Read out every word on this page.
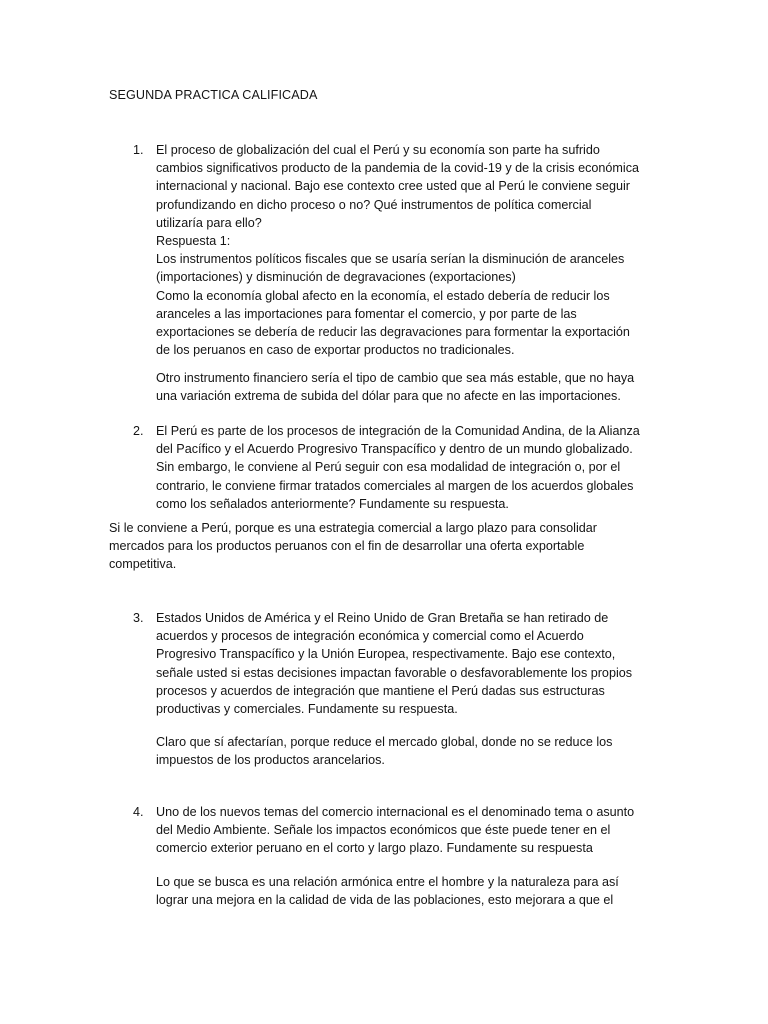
SEGUNDA PRACTICA CALIFICADA
1. El proceso de globalización del cual el Perú y su economía son parte ha sufrido
cambios significativos producto de la pandemia de la covid-19 y de la crisis económica
internacional y nacional. Bajo ese contexto cree usted que al Perú le conviene seguir
profundizando en dicho proceso o no? Qué instrumentos de política comercial
utilizaría para ello?
Respuesta 1:
Los instrumentos políticos fiscales que se usaría serían la disminución de aranceles
(importaciones) y disminución de degravaciones (exportaciones)
Como la economía global afecto en la economía, el estado debería de reducir los
aranceles a las importaciones para fomentar el comercio, y por parte de las
exportaciones se debería de reducir las degravaciones para formentar la exportación
de los peruanos en caso de exportar productos no tradicionales.
Otro instrumento financiero sería el tipo de cambio que sea más estable, que no haya
una variación extrema de subida del dólar para que no afecte en las importaciones.
2. El Perú es parte de los procesos de integración de la Comunidad Andina, de la Alianza
del Pacífico y el Acuerdo Progresivo Transpacífico y dentro de un mundo globalizado.
Sin embargo, le conviene al Perú seguir con esa modalidad de integración o, por el
contrario, le conviene firmar tratados comerciales al margen de los acuerdos globales
como los señalados anteriormente? Fundamente su respuesta.
Si le conviene a Perú, porque es una estrategia comercial a largo plazo para consolidar
mercados para los productos peruanos con el fin de desarrollar una oferta exportable
competitiva.
3. Estados Unidos de América y el Reino Unido de Gran Bretaña se han retirado de
acuerdos y procesos de integración económica y comercial como el Acuerdo
Progresivo Transpacífico y la Unión Europea, respectivamente. Bajo ese contexto,
señale usted si estas decisiones impactan favorable o desfavorablemente los propios
procesos y acuerdos de integración que mantiene el Perú dadas sus estructuras
productivas y comerciales. Fundamente su respuesta.
Claro que sí afectarían, porque reduce el mercado global, donde no se reduce los
impuestos de los productos arancelarios.
4. Uno de los nuevos temas del comercio internacional es el denominado tema o asunto
del Medio Ambiente. Señale los impactos económicos que éste puede tener en el
comercio exterior peruano en el corto y largo plazo. Fundamente su respuesta
Lo que se busca es una relación armónica entre el hombre y la naturaleza para así
lograr una mejora en la calidad de vida de las poblaciones, esto mejorara a que el
